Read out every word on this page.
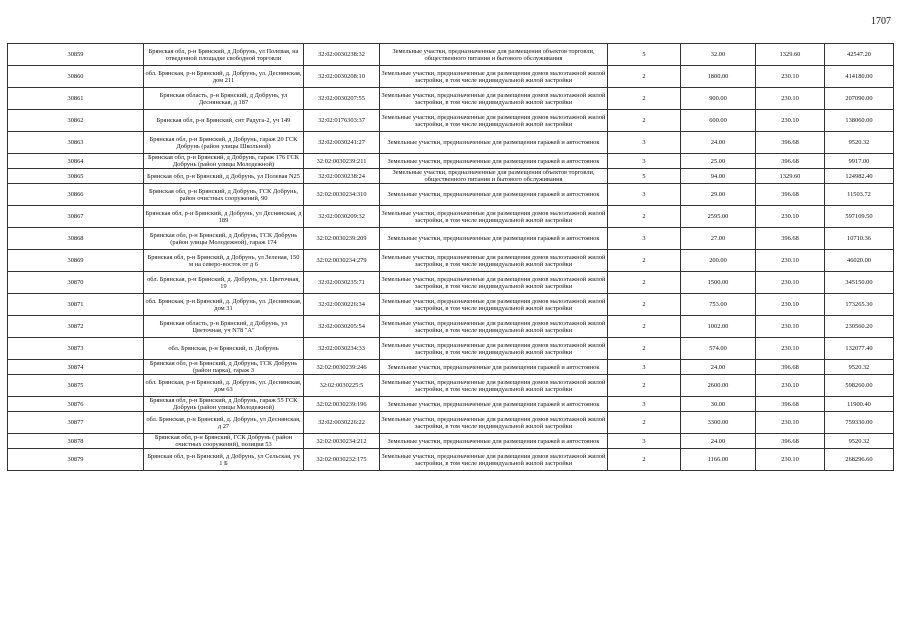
1707
30859	Брянская обл, р-н Брянский, д Добрунь, ул Полевая, на отведенной площадке свободной торговли	32:02:0030238:32	Земельные участки, предназначенные для размещения объектов торговли, общественного питания и бытового обслуживания	5	32.00	1329.60	42547.20
30860	обл. Брянская, р-н Брянский, д. Добрунь, ул. Деснянская, дом 211	32:02:0030208:10	Земельные участки, предназначенные для размещения домов малоэтажной жилой застройки, в том числе индивидуальной жилой застройки	2	1800.00	230.10	414180.00
30861	Брянская область, р-н Брянский, д Добрунь, ул Деснянская, д 187	32:02:0030207:55	Земельные участки, предназначенные для размещения домов малоэтажной жилой застройки, в том числе индивидуальной жилой застройки	2	900.00	230.10	207090.00
30862	Брянская обл, р-н Брянский, снт Радуга-2, уч 149	32:02:0176303:37	Земельные участки, предназначенные для размещения домов малоэтажной жилой застройки, в том числе индивидуальной жилой застройки	2	600.00	230.10	138060.00
30863	Брянская обл, р-н Брянский, д Добрунь, гараж 20 ГСК Добрунь (район улицы Школьной)	32:02:0030241:27	Земельные участки, предназначенные для размещения гаражей и автостоянок	3	24.00	396.68	9520.32
30864	Брянская обл, р-н Брянский, д Добрунь, гараж 176 ГСК Добрунь (район улицы Молодежной)	32:02:0030239:211	Земельные участки, предназначенные для размещения гаражей и автостоянок	3	25.00	396.68	9917.00
30865	Брянская обл, р-н Брянский, д Добрунь, ул Полевая N25	32:02:0030238:24	Земельные участки, предназначенные для размещения объектов торговли, общественного питания и бытового обслуживания	5	94.00	1329.60	124982.40
30866	Брянская обл, р-н Брянский, д Добрунь, ГСК Добрунь, район очистных сооружений, 90	32:02:0030234:310	Земельные участки, предназначенные для размещения гаражей и автостоянок	3	29.00	396.68	11503.72
30867	Брянская обл, р-н Брянский, д Добрунь, ул Деснянская, д 189	32:02:0030209:32	Земельные участки, предназначенные для размещения домов малоэтажной жилой застройки, в том числе индивидуальной жилой застройки	2	2595.00	230.10	597109.50
30868	Брянская обл, р-н Брянский, д Добрунь, ГСК Добрунь (район улицы Молодежной), гараж 174	32:02:0030239:209	Земельные участки, предназначенные для размещения гаражей и автостоянок	3	27.00	396.68	10710.36
30869	Брянская обл, р-н Брянский, д Добрунь, ул Зеленая, 150 м на северо-восток от д 6	32:02:0030234:279	Земельные участки, предназначенные для размещения домов малоэтажной жилой застройки, в том числе индивидуальной жилой застройки	2	200.00	230.10	46020.00
30870	обл. Брянская, р-н Брянский, д. Добрунь, ул. Цветочная, 19	32:02:0030235:71	Земельные участки, предназначенные для размещения домов малоэтажной жилой застройки, в том числе индивидуальной жилой застройки	2	1500.00	230.10	345150.00
30871	обл. Брянская, р-н Брянский, д. Добрунь, ул. Деснянская, дом 31	32:02:0030226:34	Земельные участки, предназначенные для размещения домов малоэтажной жилой застройки, в том числе индивидуальной жилой застройки	2	753.00	230.10	173265.30
30872	Брянская область, р-н Брянский, д Добрунь, ул Цветочная, уч N78 "А"	32:02:0030205:54	Земельные участки, предназначенные для размещения домов малоэтажной жилой застройки, в том числе индивидуальной жилой застройки	2	1002.00	230.10	230560.20
30873	обл. Брянская, р-н Брянский, п. Добрунь	32:02:0030234:33	Земельные участки, предназначенные для размещения домов малоэтажной жилой застройки, в том числе индивидуальной жилой застройки	2	574.00	230.10	132077.40
30874	Брянская обл, р-н Брянский, д Добрунь, ГСК Добрунь (район парка), гараж 3	32:02:0030239:246	Земельные участки, предназначенные для размещения гаражей и автостоянок	3	24.00	396.68	9520.32
30875	обл. Брянская, р-н Брянский, д. Добрунь, ул. Деснянская, дом 63	32:02:0030225:5	Земельные участки, предназначенные для размещения домов малоэтажной жилой застройки, в том числе индивидуальной жилой застройки	2	2600.00	230.10	598260.00
30876	Брянская обл, р-н Брянский, д Добрунь, гараж 55 ГСК Добрунь (район улицы Молодежной)	32:02:0030239:196	Земельные участки, предназначенные для размещения гаражей и автостоянок	3	30.00	396.68	11900.40
30877	обл. Брянская, р-н Брянский, д. Добрунь, ул Деснянская, д 27	32:02:0030226:22	Земельные участки, предназначенные для размещения домов малоэтажной жилой застройки, в том числе индивидуальной жилой застройки	2	3300.00	230.10	759330.00
30878	Брянская обл, р-н Брянский, ГСК Добрунь ( район очистных сооружений), позиция 53	32:02:0030234:212	Земельные участки, предназначенные для размещения гаражей и автостоянок	3	24.00	396.68	9520.32
30879	Брянская обл, р-н Брянский, д Добрунь, ул Сельская, уч 1 Б	32:02:0030232:175	Земельные участки, предназначенные для размещения домов малоэтажной жилой застройки, в том числе индивидуальной жилой застройки	2	1166.00	230.10	268296.60
